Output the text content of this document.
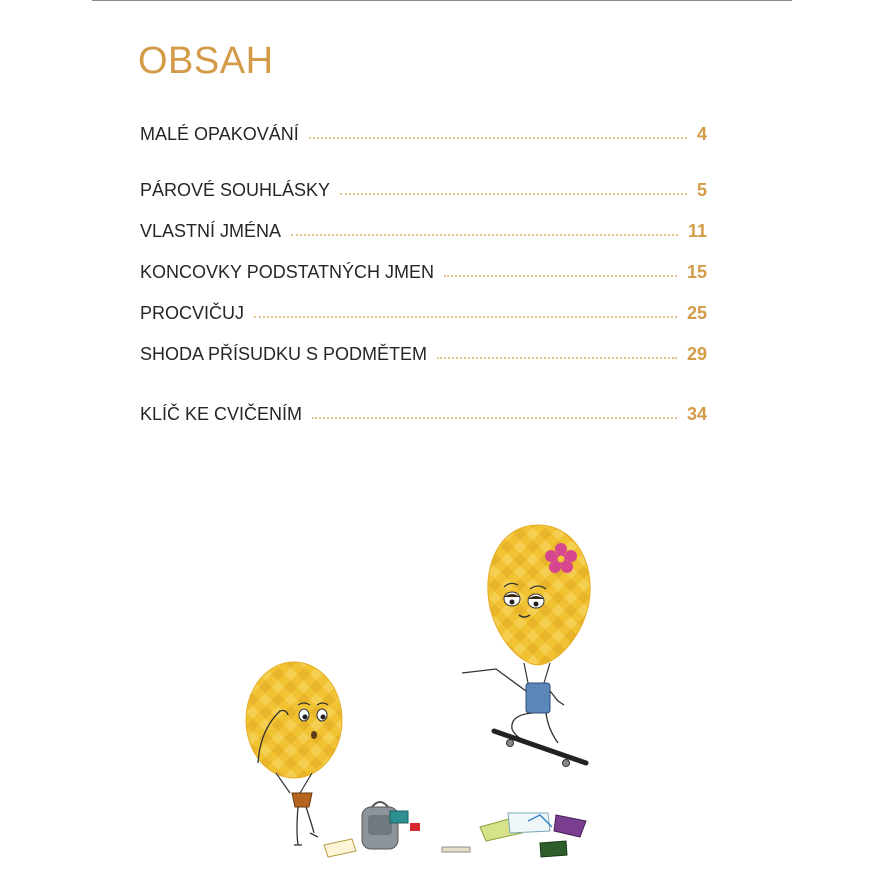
OBSAH
MALÉ OPAKOVÁNÍ	4
PÁROVÉ SOUHLÁSKY	5
VLASTNÍ JMÉNA	11
KONCOVKY PODSTATNÝCH JMEN	15
PROCVIČUJ	25
SHODA PŘÍSUDKU S PODMĚTEM	29
KLÍČ KE CVIČENÍM	34
